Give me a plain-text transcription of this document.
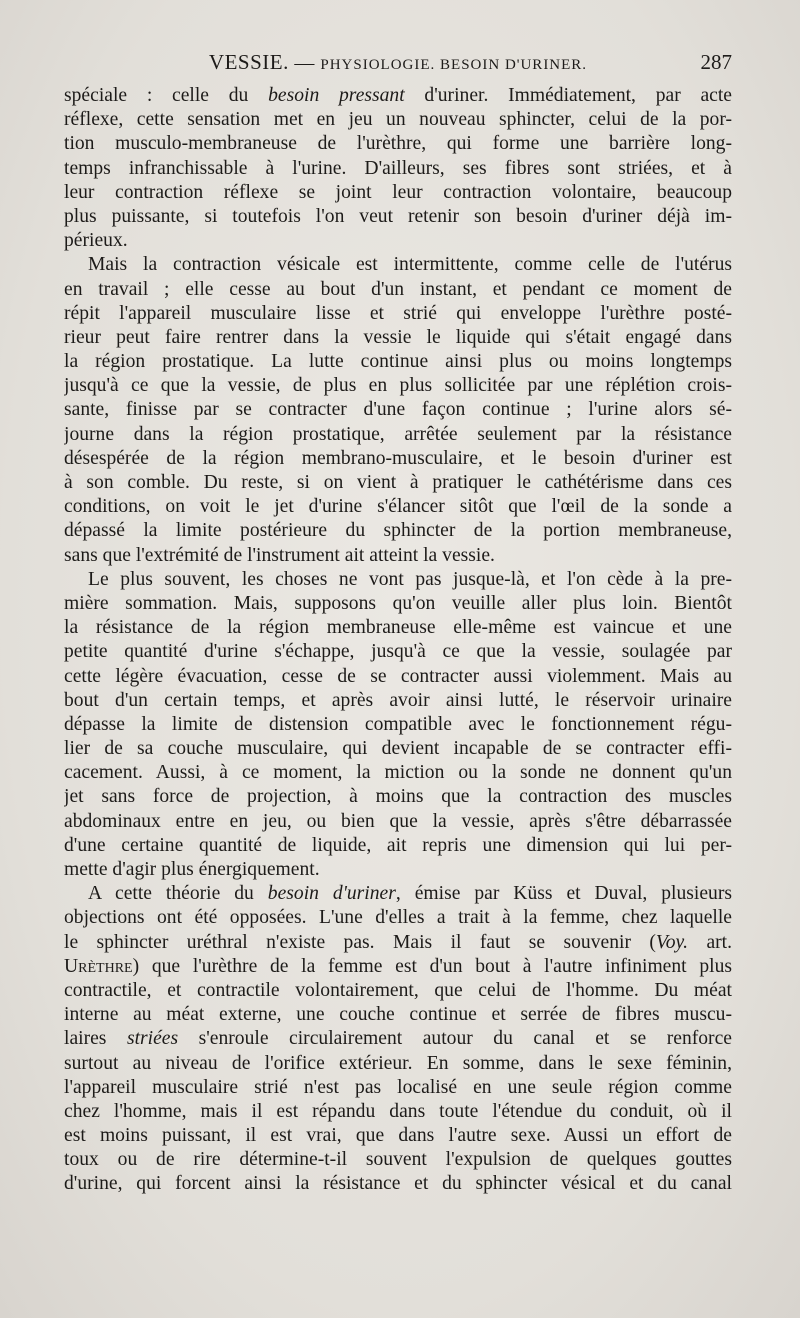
VESSIE. — PHYSIOLOGIE. BESOIN D'URINER.	287
spéciale : celle du besoin pressant d'uriner. Immédiatement, par acte
réflexe, cette sensation met en jeu un nouveau sphincter, celui de la por-
tion musculo-membraneuse de l'urèthre, qui forme une barrière long-
temps infranchissable à l'urine. D'ailleurs, ses fibres sont striées, et à
leur contraction réflexe se joint leur contraction volontaire, beaucoup
plus puissante, si toutefois l'on veut retenir son besoin d'uriner déjà im-
périeux.
Mais la contraction vésicale est intermittente, comme celle de l'utérus
en travail ; elle cesse au bout d'un instant, et pendant ce moment de
répit l'appareil musculaire lisse et strié qui enveloppe l'urèthre posté-
rieur peut faire rentrer dans la vessie le liquide qui s'était engagé dans
la région prostatique. La lutte continue ainsi plus ou moins longtemps
jusqu'à ce que la vessie, de plus en plus sollicitée par une réplétion crois-
sante, finisse par se contracter d'une façon continue ; l'urine alors sé-
journe dans la région prostatique, arrêtée seulement par la résistance
désespérée de la région membrano-musculaire, et le besoin d'uriner est
à son comble. Du reste, si on vient à pratiquer le cathétérisme dans ces
conditions, on voit le jet d'urine s'élancer sitôt que l'œil de la sonde a
dépassé la limite postérieure du sphincter de la portion membraneuse,
sans que l'extrémité de l'instrument ait atteint la vessie.
Le plus souvent, les choses ne vont pas jusque-là, et l'on cède à la pre-
mière sommation. Mais, supposons qu'on veuille aller plus loin. Bientôt
la résistance de la région membraneuse elle-même est vaincue et une
petite quantité d'urine s'échappe, jusqu'à ce que la vessie, soulagée par
cette légère évacuation, cesse de se contracter aussi violemment. Mais au
bout d'un certain temps, et après avoir ainsi lutté, le réservoir urinaire
dépasse la limite de distension compatible avec le fonctionnement régu-
lier de sa couche musculaire, qui devient incapable de se contracter effi-
cacement. Aussi, à ce moment, la miction ou la sonde ne donnent qu'un
jet sans force de projection, à moins que la contraction des muscles
abdominaux entre en jeu, ou bien que la vessie, après s'être débarrassée
d'une certaine quantité de liquide, ait repris une dimension qui lui per-
mette d'agir plus énergiquement.
A cette théorie du besoin d'uriner, émise par Küss et Duval, plusieurs
objections ont été opposées. L'une d'elles a trait à la femme, chez laquelle
le sphincter uréthral n'existe pas. Mais il faut se souvenir (Voy. art.
Urèthre) que l'urèthre de la femme est d'un bout à l'autre infiniment plus
contractile, et contractile volontairement, que celui de l'homme. Du méat
interne au méat externe, une couche continue et serrée de fibres muscu-
laires striées s'enroule circulairement autour du canal et se renforce
surtout au niveau de l'orifice extérieur. En somme, dans le sexe féminin,
l'appareil musculaire strié n'est pas localisé en une seule région comme
chez l'homme, mais il est répandu dans toute l'étendue du conduit, où il
est moins puissant, il est vrai, que dans l'autre sexe. Aussi un effort de
toux ou de rire détermine-t-il souvent l'expulsion de quelques gouttes
d'urine, qui forcent ainsi la résistance et du sphincter vésical et du canal
